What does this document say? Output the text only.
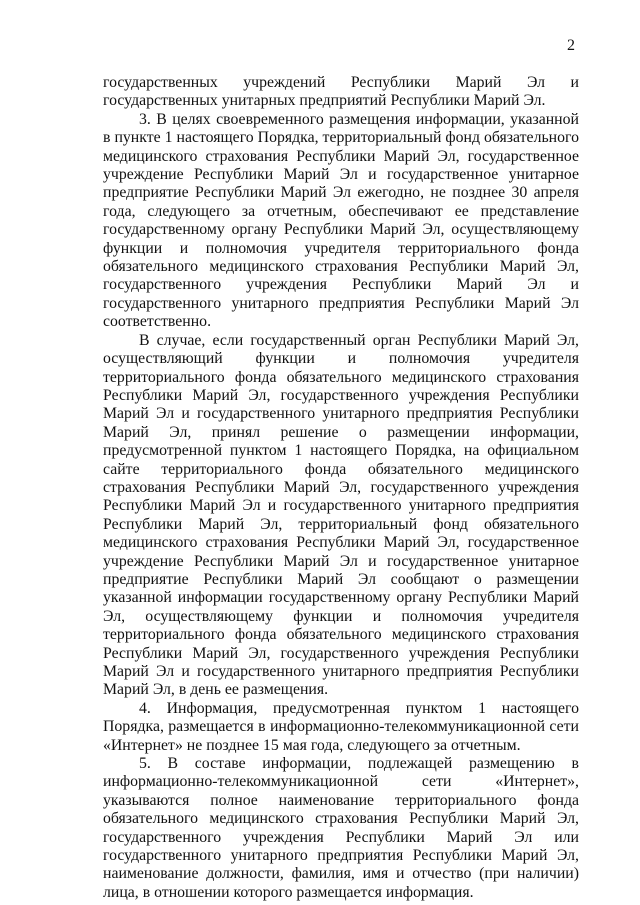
2

государственных учреждений Республики Марий Эл и государственных унитарных предприятий Республики Марий Эл.

3. В целях своевременного размещения информации, указанной в пункте 1 настоящего Порядка, территориальный фонд обязательного медицинского страхования Республики Марий Эл, государственное учреждение Республики Марий Эл и государственное унитарное предприятие Республики Марий Эл ежегодно, не позднее 30 апреля года, следующего за отчетным, обеспечивают ее представление государственному органу Республики Марий Эл, осуществляющему функции и полномочия учредителя территориального фонда обязательного медицинского страхования Республики Марий Эл, государственного учреждения Республики Марий Эл и государственного унитарного предприятия Республики Марий Эл соответственно.

В случае, если государственный орган Республики Марий Эл, осуществляющий функции и полномочия учредителя территориального фонда обязательного медицинского страхования Республики Марий Эл, государственного учреждения Республики Марий Эл и государственного унитарного предприятия Республики Марий Эл, принял решение о размещении информации, предусмотренной пунктом 1 настоящего Порядка, на официальном сайте территориального фонда обязательного медицинского страхования Республики Марий Эл, государственного учреждения Республики Марий Эл и государственного унитарного предприятия Республики Марий Эл, территориальный фонд обязательного медицинского страхования Республики Марий Эл, государственное учреждение Республики Марий Эл и государственное унитарное предприятие Республики Марий Эл сообщают о размещении указанной информации государственному органу Республики Марий Эл, осуществляющему функции и полномочия учредителя территориального фонда обязательного медицинского страхования Республики Марий Эл, государственного учреждения Республики Марий Эл и государственного унитарного предприятия Республики Марий Эл, в день ее размещения.

4. Информация, предусмотренная пунктом 1 настоящего Порядка, размещается в информационно-телекоммуникационной сети «Интернет» не позднее 15 мая года, следующего за отчетным.

5. В составе информации, подлежащей размещению в информационно-телекоммуникационной сети «Интернет», указываются полное наименование территориального фонда обязательного медицинского страхования Республики Марий Эл, государственного учреждения Республики Марий Эл или государственного унитарного предприятия Республики Марий Эл, наименование должности, фамилия, имя и отчество (при наличии) лица, в отношении которого размещается информация.
